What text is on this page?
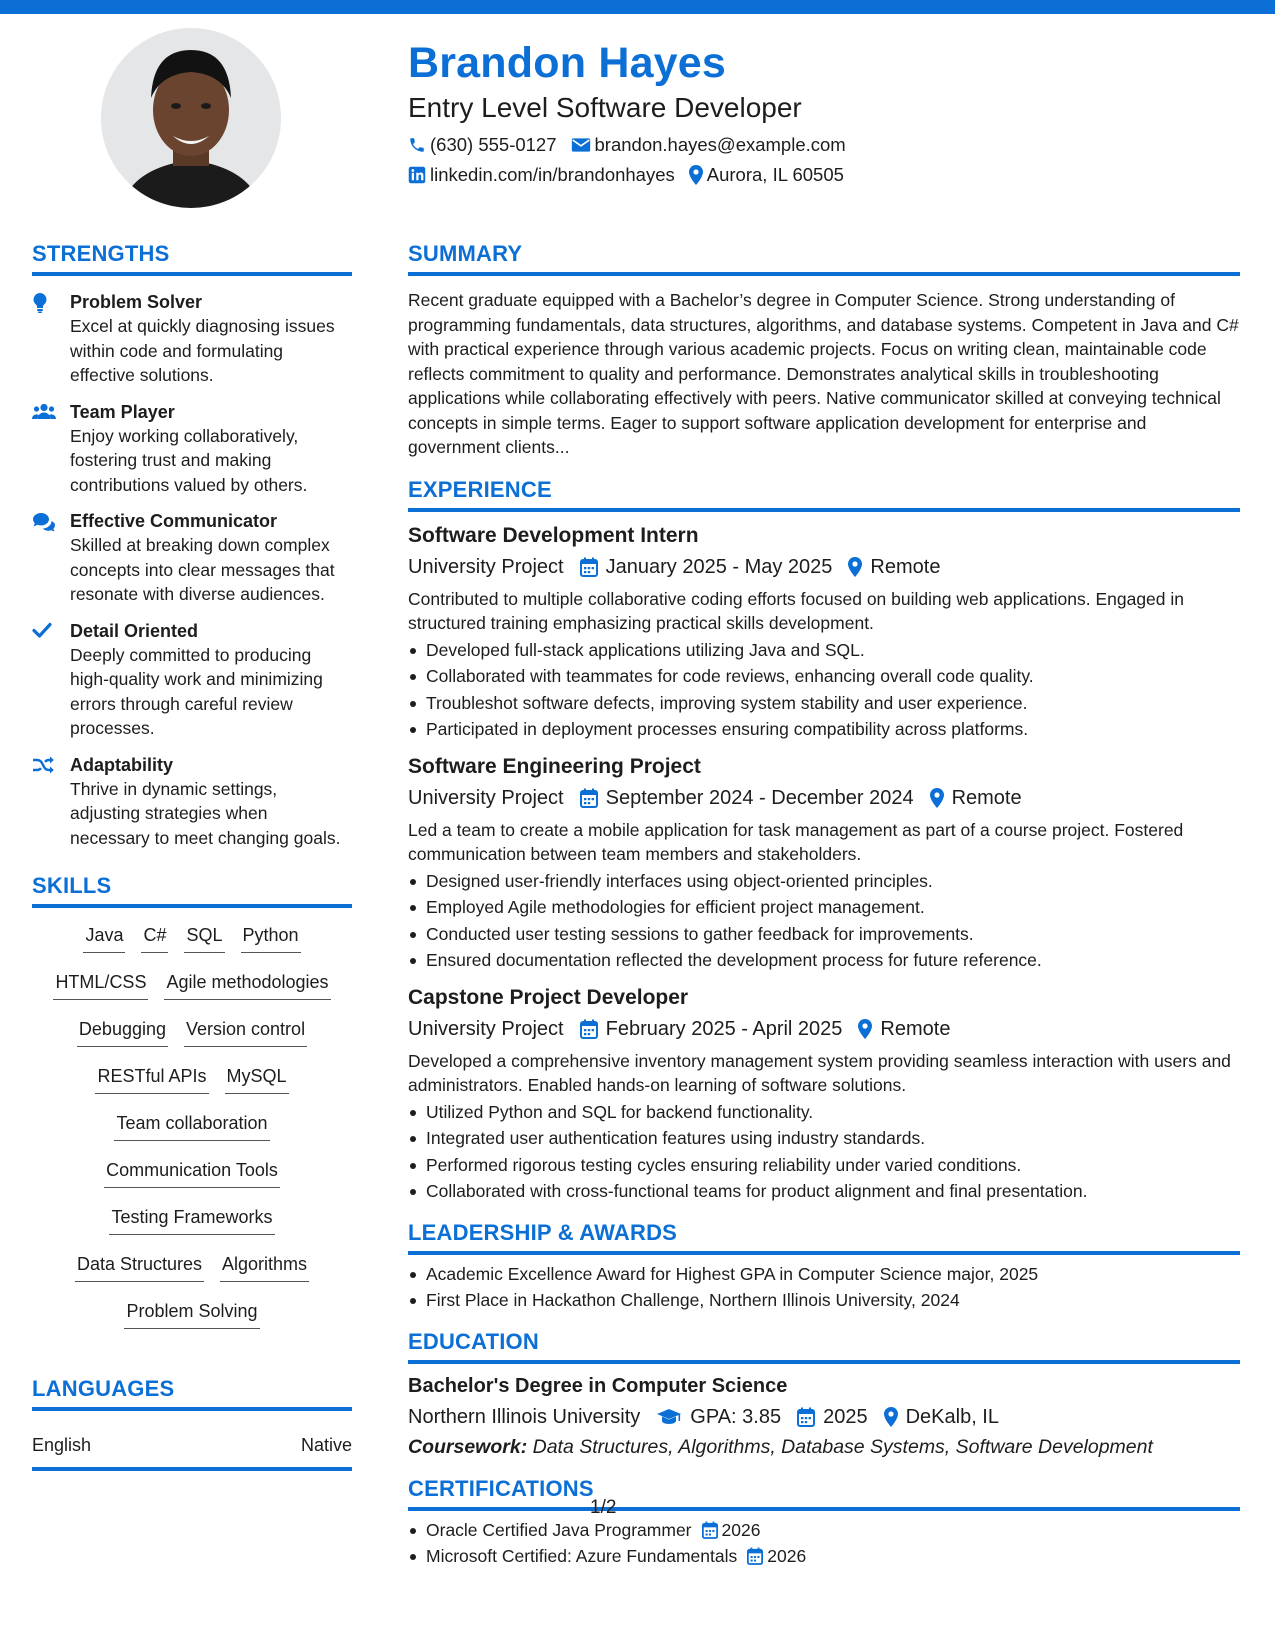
Brandon Hayes
Entry Level Software Developer
(630) 555-0127 brandon.hayes@example.com
linkedin.com/in/brandonhayes Aurora, IL 60505
STRENGTHS
Problem Solver
Excel at quickly diagnosing issues within code and formulating effective solutions.
Team Player
Enjoy working collaboratively, fostering trust and making contributions valued by others.
Effective Communicator
Skilled at breaking down complex concepts into clear messages that resonate with diverse audiences.
Detail Oriented
Deeply committed to producing high-quality work and minimizing errors through careful review processes.
Adaptability
Thrive in dynamic settings, adjusting strategies when necessary to meet changing goals.
SKILLS
Java C# SQL Python
HTML/CSS Agile methodologies
Debugging Version control
RESTful APIs MySQL
Team collaboration
Communication Tools
Testing Frameworks
Data Structures Algorithms
Problem Solving
LANGUAGES
English	Native
SUMMARY
Recent graduate equipped with a Bachelor’s degree in Computer Science. Strong understanding of programming fundamentals, data structures, algorithms, and database systems. Competent in Java and C# with practical experience through various academic projects. Focus on writing clean, maintainable code reflects commitment to quality and performance. Demonstrates analytical skills in troubleshooting applications while collaborating effectively with peers. Native communicator skilled at conveying technical concepts in simple terms. Eager to support software application development for enterprise and government clients...
EXPERIENCE
Software Development Intern
University Project January 2025 - May 2025 Remote
Contributed to multiple collaborative coding efforts focused on building web applications. Engaged in structured training emphasizing practical skills development.
Developed full-stack applications utilizing Java and SQL.
Collaborated with teammates for code reviews, enhancing overall code quality.
Troubleshot software defects, improving system stability and user experience.
Participated in deployment processes ensuring compatibility across platforms.
Software Engineering Project
University Project September 2024 - December 2024 Remote
Led a team to create a mobile application for task management as part of a course project. Fostered communication between team members and stakeholders.
Designed user-friendly interfaces using object-oriented principles.
Employed Agile methodologies for efficient project management.
Conducted user testing sessions to gather feedback for improvements.
Ensured documentation reflected the development process for future reference.
Capstone Project Developer
University Project February 2025 - April 2025 Remote
Developed a comprehensive inventory management system providing seamless interaction with users and administrators. Enabled hands-on learning of software solutions.
Utilized Python and SQL for backend functionality.
Integrated user authentication features using industry standards.
Performed rigorous testing cycles ensuring reliability under varied conditions.
Collaborated with cross-functional teams for product alignment and final presentation.
LEADERSHIP & AWARDS
Academic Excellence Award for Highest GPA in Computer Science major, 2025
First Place in Hackathon Challenge, Northern Illinois University, 2024
EDUCATION
Bachelor's Degree in Computer Science
Northern Illinois University	GPA: 3.85 2025 DeKalb, IL
Coursework: Data Structures, Algorithms, Database Systems, Software Development
CERTIFICATIONS
Oracle Certified Java Programmer 2026
Microsoft Certified: Azure Fundamentals 2026
1/2
